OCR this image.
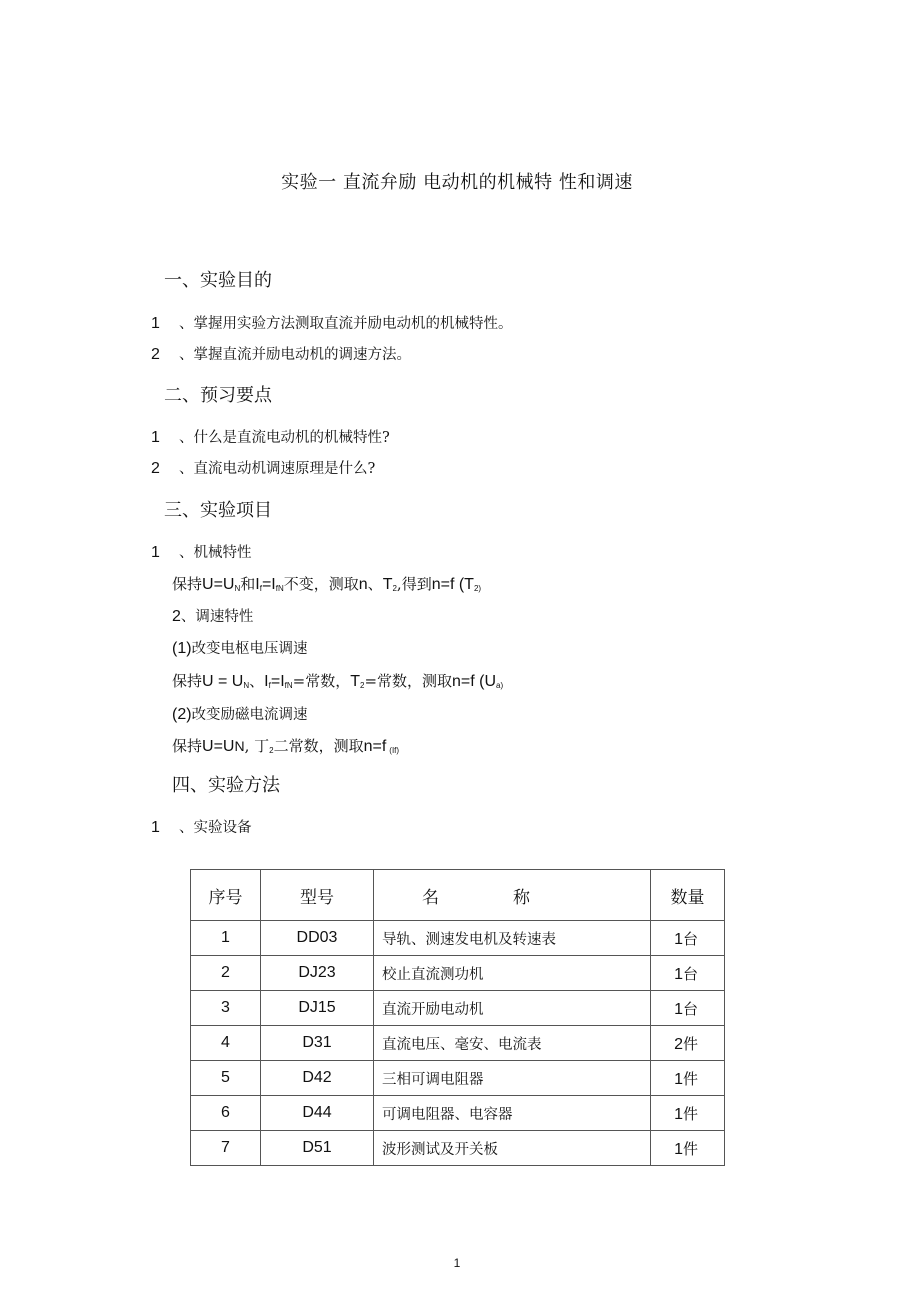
实验一 直流弁励 电动机的机械特 性和调速
一、实验目的
1 、掌握用实验方法测取直流并励电动机的机械特性。
2 、掌握直流并励电动机的调速方法。
二、预习要点
1 、什么是直流电动机的机械特性?
2 、直流电动机调速原理是什么?
三、实验项目
1 、机械特性
保持$U=U_N$和$I_f=I_{fN}$不变，测取n、$T_2$,得到n=f ($T_{2)}$
2、调速特性
(1)改变电枢电压调速
保持$U = U_N$、$I_f=I_{fN}=$常数，$T_2=$常数，测取n=f ($U_{a)}$
(2)改变励磁电流调速
保持U=UN, 丁$_2$二常数，测取n=f $_{(If)}$
四、实验方法
1 、实验设备
序号	型号	名 称	数量
1	DD03	导轨、测速发电机及转速表	1台
2	DJ23	校止直流测功机	1台
3	DJ15	直流开励电动机	1台
4	D31	直流电压、毫安、电流表	2件
5	D42	三相可调电阻器	1件
6	D44	可调电阻器、电容器	1件
7	D51	波形测试及开关板	1件
1
